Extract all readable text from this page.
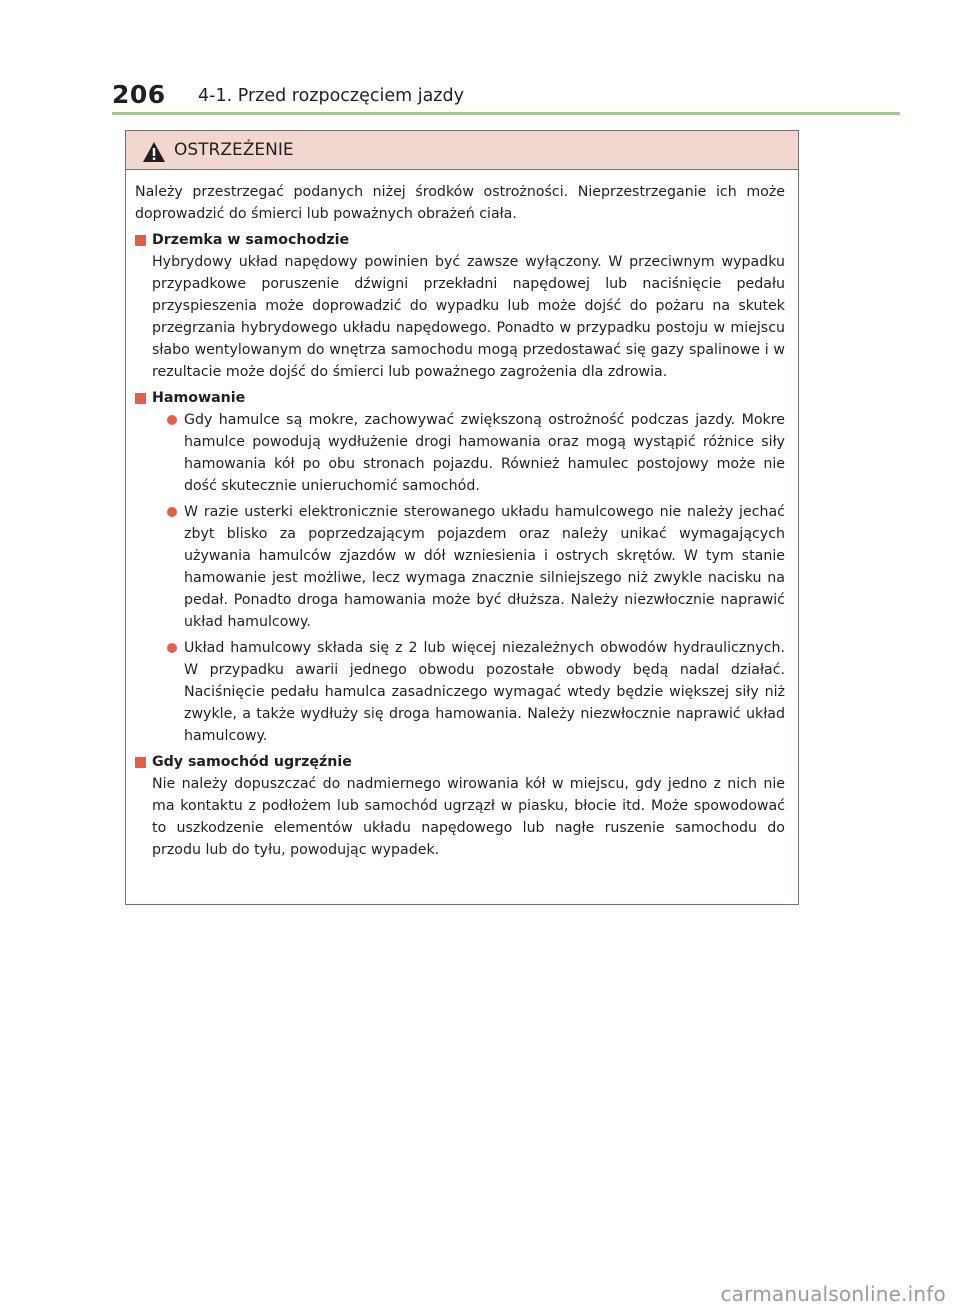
206 4-1. Przed rozpoczęciem jazdy
OSTRZEŻENIE

Należy przestrzegać podanych niżej środków ostrożności. Nieprzestrzeganie ich może doprowadzić do śmierci lub poważnych obrażeń ciała.

Drzemka w samochodzie

Hybrydowy układ napędowy powinien być zawsze wyłączony. W przeciwnym wypadku przypadkowe poruszenie dźwigni przekładni napędowej lub naciśnięcie pedału przyspieszenia może doprowadzić do wypadku lub może dojść do pożaru na skutek przegrzania hybrydowego układu napędowego. Ponadto w przypadku postoju w miejscu słabo wentylowanym do wnętrza samochodu mogą przedostawać się gazy spalinowe i w rezultacie może dojść do śmierci lub poważnego zagrożenia dla zdrowia.

Hamowanie
Gdy hamulce są mokre, zachowywać zwiększoną ostrożność podczas jazdy. Mokre hamulce powodują wydłużenie drogi hamowania oraz mogą wystąpić różnice siły hamowania kół po obu stronach pojazdu. Również hamulec postojowy może nie dość skutecznie unieruchomić samochód.
W razie usterki elektronicznie sterowanego układu hamulcowego nie należy jechać zbyt blisko za poprzedzającym pojazdem oraz należy unikać wymagających używania hamulców zjazdów w dół wzniesienia i ostrych skrętów. W tym stanie hamowanie jest możliwe, lecz wymaga znacznie silniejszego niż zwykle nacisku na pedał. Ponadto droga hamowania może być dłuższa. Należy niezwłocznie naprawić układ hamulcowy.
Układ hamulcowy składa się z 2 lub więcej niezależnych obwodów hydraulicznych. W przypadku awarii jednego obwodu pozostałe obwody będą nadal działać. Naciśnięcie pedału hamulca zasadniczego wymagać wtedy będzie większej siły niż zwykle, a także wydłuży się droga hamowania. Należy niezwłocznie naprawić układ hamulcowy.
Gdy samochód ugrzęźnie

Nie należy dopuszczać do nadmiernego wirowania kół w miejscu, gdy jedno z nich nie ma kontaktu z podłożem lub samochód ugrzązł w piasku, błocie itd. Może spowodować to uszkodzenie elementów układu napędowego lub nagłe ruszenie samochodu do przodu lub do tyłu, powodując wypadek.

carmanualsonline.info
